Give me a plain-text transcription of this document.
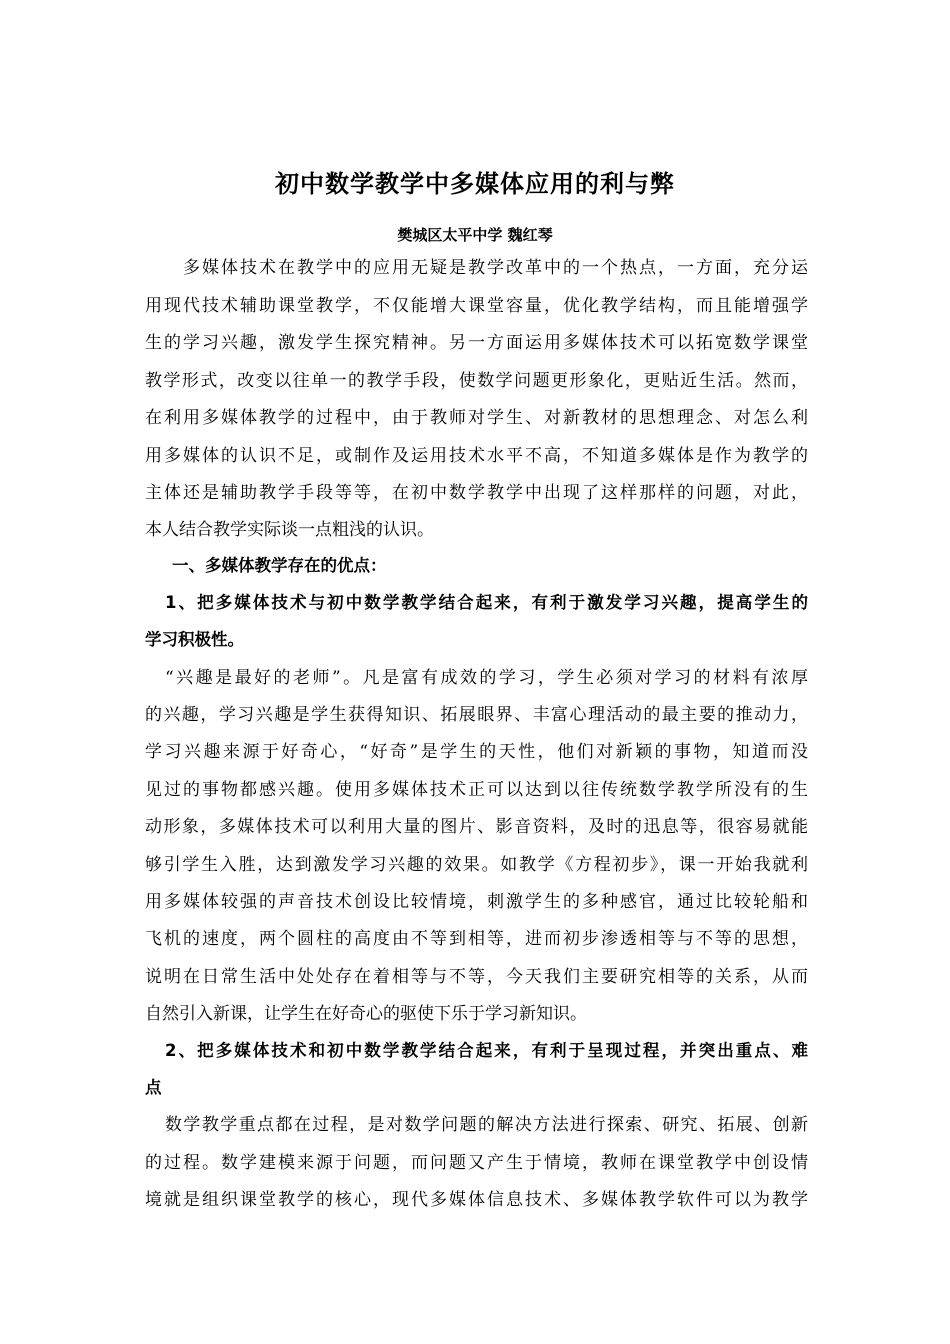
初中数学教学中多媒体应用的利与弊
樊城区太平中学 魏红琴
多媒体技术在教学中的应用无疑是教学改革中的一个热点，一方面，充分运
用现代技术辅助课堂教学，不仅能增大课堂容量，优化教学结构，而且能增强学
生的学习兴趣，激发学生探究精神。另一方面运用多媒体技术可以拓宽数学课堂
教学形式，改变以往单一的教学手段，使数学问题更形象化，更贴近生活。然而，
在利用多媒体教学的过程中，由于教师对学生、对新教材的思想理念、对怎么利
用多媒体的认识不足，或制作及运用技术水平不高，不知道多媒体是作为教学的
主体还是辅助教学手段等等，在初中数学教学中出现了这样那样的问题，对此，
本人结合教学实际谈一点粗浅的认识。
一、多媒体教学存在的优点：
1、把多媒体技术与初中数学教学结合起来，有利于激发学习兴趣，提高学生的
学习积极性。
“兴趣是最好的老师”。凡是富有成效的学习，学生必须对学习的材料有浓厚
的兴趣，学习兴趣是学生获得知识、拓展眼界、丰富心理活动的最主要的推动力，
学习兴趣来源于好奇心，“好奇”是学生的天性，他们对新颖的事物，知道而没
见过的事物都感兴趣。使用多媒体技术正可以达到以往传统数学教学所没有的生
动形象，多媒体技术可以利用大量的图片、影音资料，及时的迅息等，很容易就能
够引学生入胜，达到激发学习兴趣的效果。如教学《方程初步》，课一开始我就利
用多媒体较强的声音技术创设比较情境，刺激学生的多种感官，通过比较轮船和
飞机的速度，两个圆柱的高度由不等到相等，进而初步渗透相等与不等的思想，
说明在日常生活中处处存在着相等与不等，今天我们主要研究相等的关系，从而
自然引入新课，让学生在好奇心的驱使下乐于学习新知识。
2、把多媒体技术和初中数学教学结合起来，有利于呈现过程，并突出重点、难
点
数学教学重点都在过程，是对数学问题的解决方法进行探索、研究、拓展、创新
的过程。数学建模来源于问题，而问题又产生于情境，教师在课堂教学中创设情
境就是组织课堂教学的核心，现代多媒体信息技术、多媒体教学软件可以为教学
